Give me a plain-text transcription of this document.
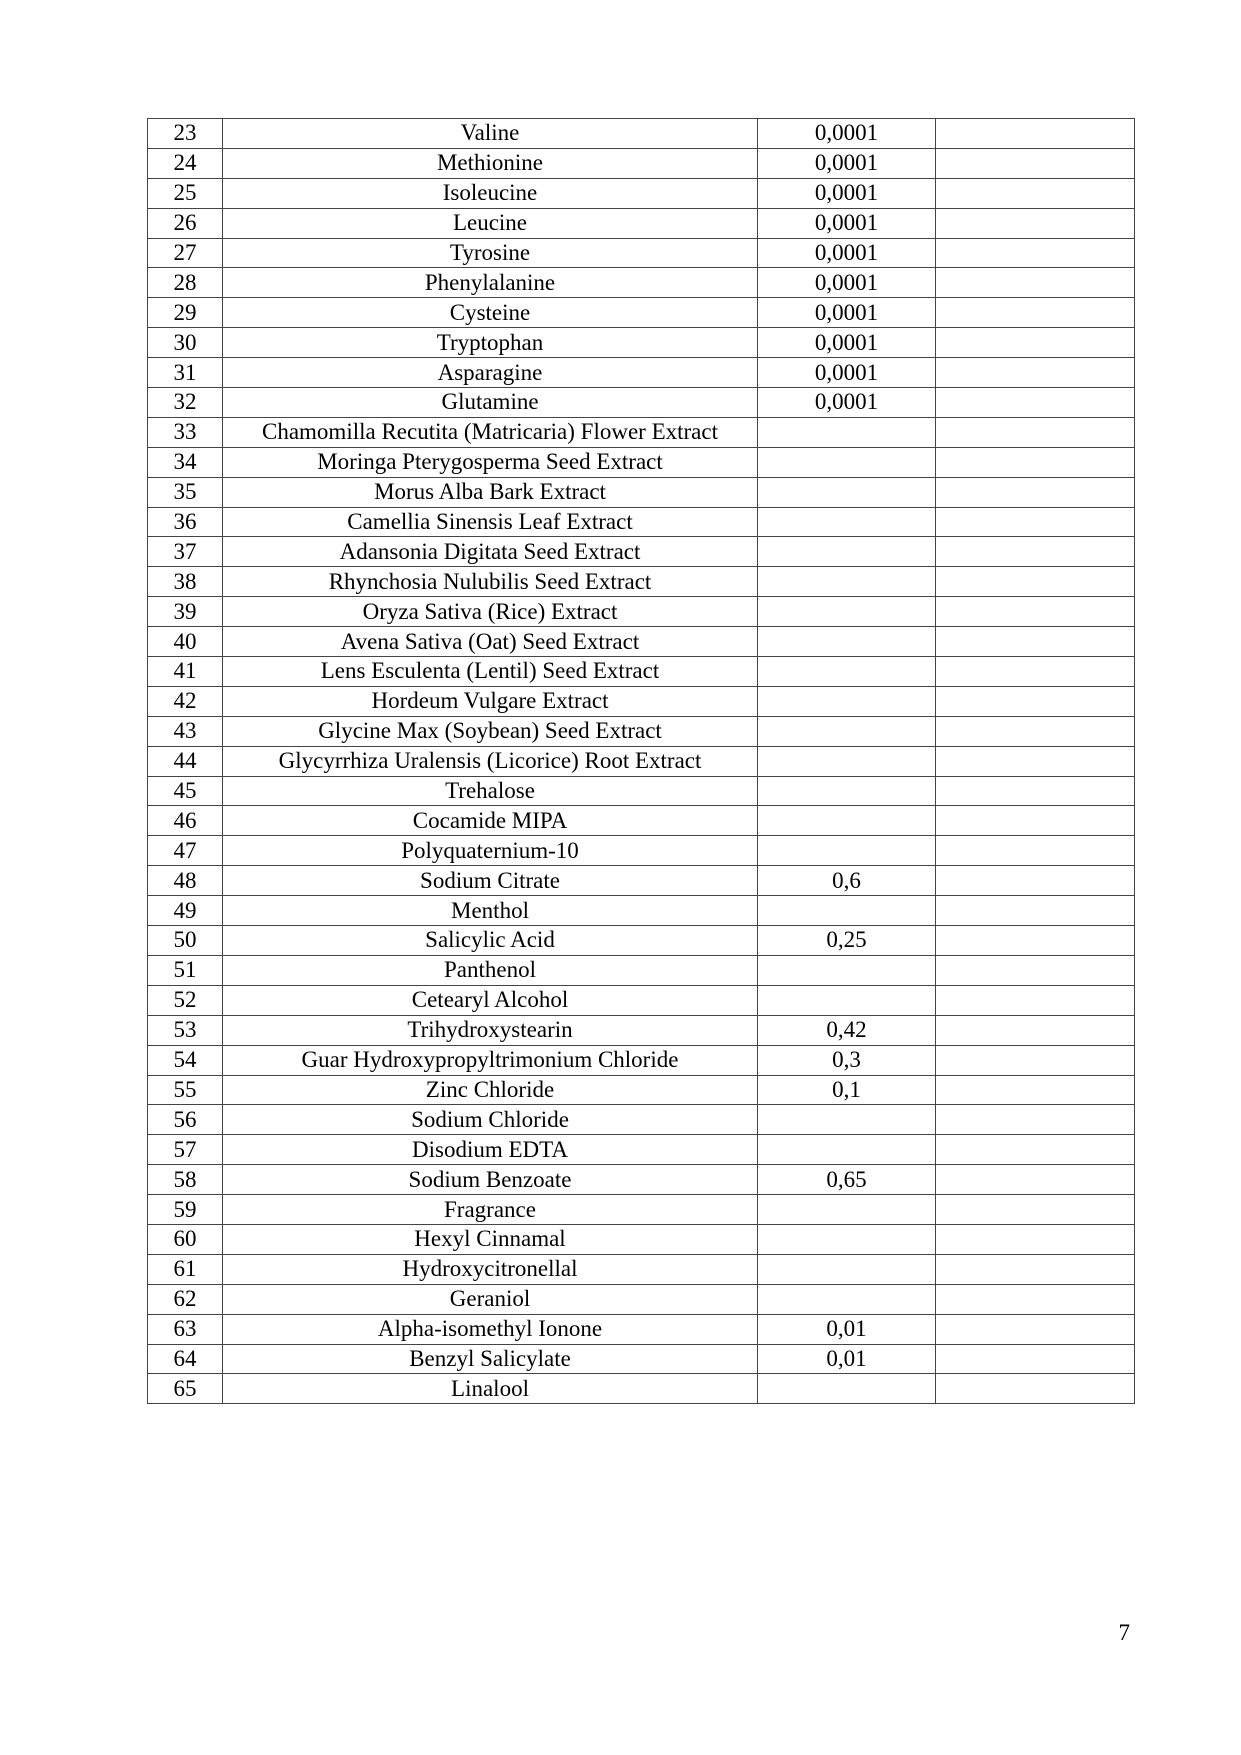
23	Valine	0,0001	
24	Methionine	0,0001	
25	Isoleucine	0,0001	
26	Leucine	0,0001	
27	Tyrosine	0,0001	
28	Phenylalanine	0,0001	
29	Cysteine	0,0001	
30	Tryptophan	0,0001	
31	Asparagine	0,0001	
32	Glutamine	0,0001	
33	Chamomilla Recutita (Matricaria) Flower Extract		
34	Moringa Pterygosperma Seed Extract		
35	Morus Alba Bark Extract		
36	Camellia Sinensis Leaf Extract		
37	Adansonia Digitata Seed Extract		
38	Rhynchosia Nulubilis Seed Extract		
39	Oryza Sativa (Rice) Extract		
40	Avena Sativa (Oat) Seed Extract		
41	Lens Esculenta (Lentil) Seed Extract		
42	Hordeum Vulgare Extract		
43	Glycine Max (Soybean) Seed Extract		
44	Glycyrrhiza Uralensis (Licorice) Root Extract		
45	Trehalose		
46	Cocamide MIPA		
47	Polyquaternium-10		
48	Sodium Citrate	0,6	
49	Menthol		
50	Salicylic Acid	0,25	
51	Panthenol		
52	Cetearyl Alcohol		
53	Trihydroxystearin	0,42	
54	Guar Hydroxypropyltrimonium Chloride	0,3	
55	Zinc Chloride	0,1	
56	Sodium Chloride		
57	Disodium EDTA		
58	Sodium Benzoate	0,65	
59	Fragrance		
60	Hexyl Cinnamal		
61	Hydroxycitronellal		
62	Geraniol		
63	Alpha-isomethyl Ionone	0,01	
64	Benzyl Salicylate	0,01	
65	Linalool		
7
